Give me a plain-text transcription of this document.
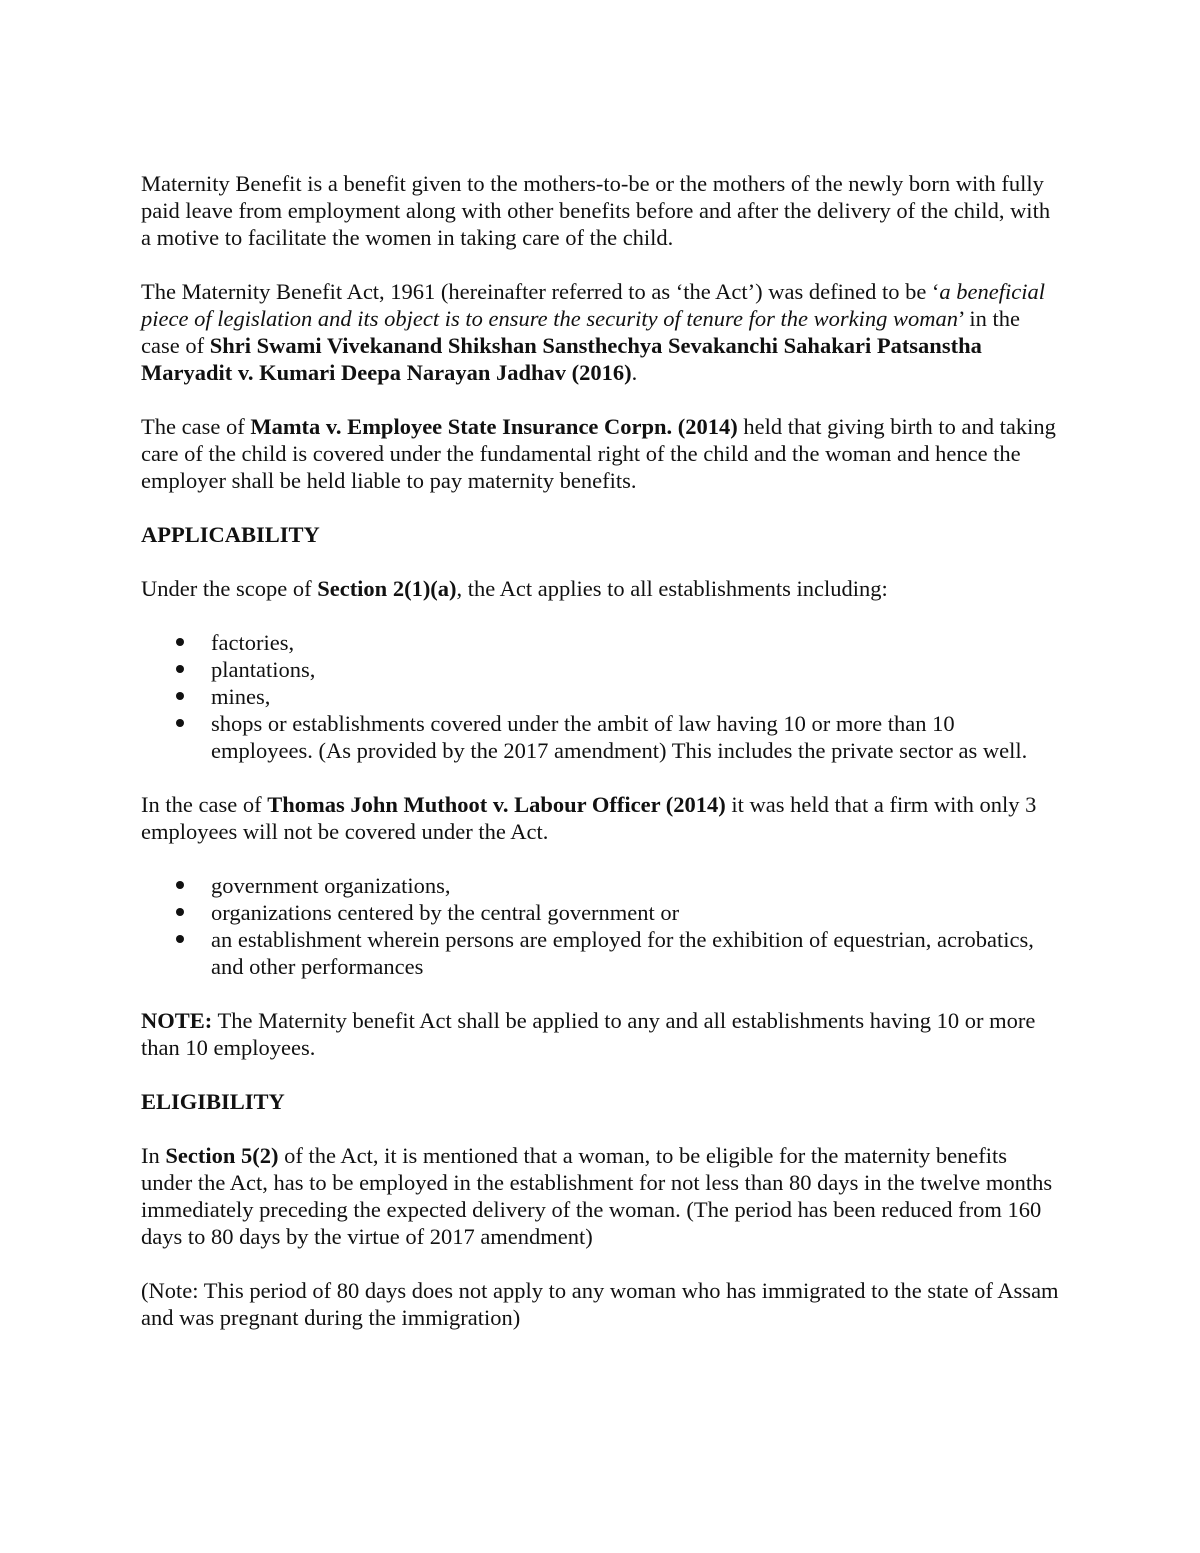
Maternity Benefit is a benefit given to the mothers-to-be or the mothers of the newly born with fully paid leave from employment along with other benefits before and after the delivery of the child, with a motive to facilitate the women in taking care of the child.

The Maternity Benefit Act, 1961 (hereinafter referred to as ‘the Act’) was defined to be ‘a beneficial piece of legislation and its object is to ensure the security of tenure for the working woman’ in the case of Shri Swami Vivekanand Shikshan Sansthechya Sevakanchi Sahakari Patsanstha Maryadit v. Kumari Deepa Narayan Jadhav (2016).

The case of Mamta v. Employee State Insurance Corpn. (2014) held that giving birth to and taking care of the child is covered under the fundamental right of the child and the woman and hence the employer shall be held liable to pay maternity benefits.

APPLICABILITY

Under the scope of Section 2(1)(a), the Act applies to all establishments including:

factories,
plantations,
mines,
shops or establishments covered under the ambit of law having 10 or more than 10 employees. (As provided by the 2017 amendment) This includes the private sector as well.

In the case of Thomas John Muthoot v. Labour Officer (2014) it was held that a firm with only 3 employees will not be covered under the Act.

government organizations,
organizations centered by the central government or
an establishment wherein persons are employed for the exhibition of equestrian, acrobatics, and other performances

NOTE: The Maternity benefit Act shall be applied to any and all establishments having 10 or more than 10 employees.

ELIGIBILITY

In Section 5(2) of the Act, it is mentioned that a woman, to be eligible for the maternity benefits under the Act, has to be employed in the establishment for not less than 80 days in the twelve months immediately preceding the expected delivery of the woman. (The period has been reduced from 160 days to 80 days by the virtue of 2017 amendment)

(Note: This period of 80 days does not apply to any woman who has immigrated to the state of Assam and was pregnant during the immigration)
